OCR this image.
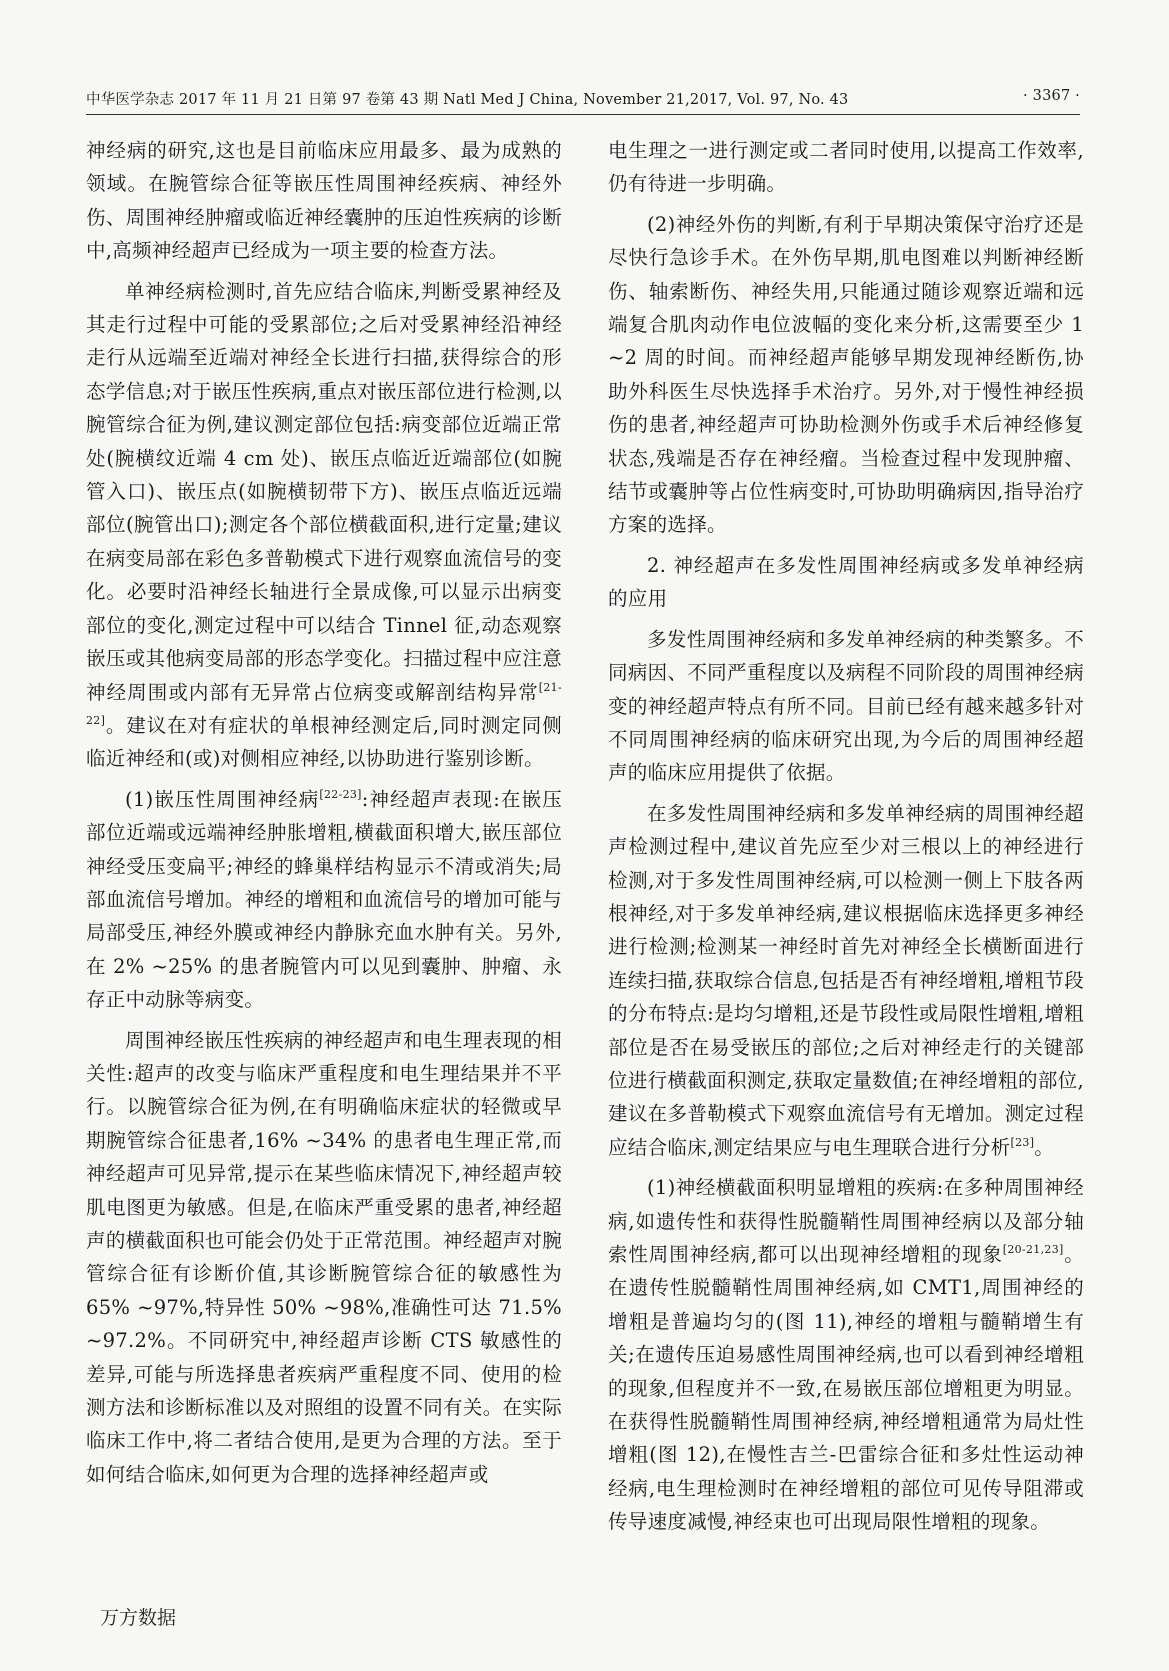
中华医学杂志 2017 年 11 月 21 日第 97 卷第 43 期 Natl Med J China, November 21,2017, Vol. 97, No. 43	· 3367 ·

神经病的研究,这也是目前临床应用最多、最为成熟的领域。在腕管综合征等嵌压性周围神经疾病、神经外伤、周围神经肿瘤或临近神经囊肿的压迫性疾病的诊断中,高频神经超声已经成为一项主要的检查方法。

单神经病检测时,首先应结合临床,判断受累神经及其走行过程中可能的受累部位;之后对受累神经沿神经走行从远端至近端对神经全长进行扫描,获得综合的形态学信息;对于嵌压性疾病,重点对嵌压部位进行检测,以腕管综合征为例,建议测定部位包括:病变部位近端正常处(腕横纹近端 4 cm 处)、嵌压点临近近端部位(如腕管入口)、嵌压点(如腕横韧带下方)、嵌压点临近远端部位(腕管出口);测定各个部位横截面积,进行定量;建议在病变局部在彩色多普勒模式下进行观察血流信号的变化。必要时沿神经长轴进行全景成像,可以显示出病变部位的变化,测定过程中可以结合 Tinnel 征,动态观察嵌压或其他病变局部的形态学变化。扫描过程中应注意神经周围或内部有无异常占位病变或解剖结构异常[21-22]。建议在对有症状的单根神经测定后,同时测定同侧临近神经和(或)对侧相应神经,以协助进行鉴别诊断。

(1)嵌压性周围神经病[22-23]:神经超声表现:在嵌压部位近端或远端神经肿胀增粗,横截面积增大,嵌压部位神经受压变扁平;神经的蜂巢样结构显示不清或消失;局部血流信号增加。神经的增粗和血流信号的增加可能与局部受压,神经外膜或神经内静脉充血水肿有关。另外,在 2% ~25% 的患者腕管内可以见到囊肿、肿瘤、永存正中动脉等病变。

周围神经嵌压性疾病的神经超声和电生理表现的相关性:超声的改变与临床严重程度和电生理结果并不平行。以腕管综合征为例,在有明确临床症状的轻微或早期腕管综合征患者,16% ~34% 的患者电生理正常,而神经超声可见异常,提示在某些临床情况下,神经超声较肌电图更为敏感。但是,在临床严重受累的患者,神经超声的横截面积也可能会仍处于正常范围。神经超声对腕管综合征有诊断价值,其诊断腕管综合征的敏感性为 65% ~97%,特异性 50% ~98%,准确性可达 71.5% ~97.2%。不同研究中,神经超声诊断 CTS 敏感性的差异,可能与所选择患者疾病严重程度不同、使用的检测方法和诊断标准以及对照组的设置不同有关。在实际临床工作中,将二者结合使用,是更为合理的方法。至于如何结合临床,如何更为合理的选择神经超声或

电生理之一进行测定或二者同时使用,以提高工作效率,仍有待进一步明确。

(2)神经外伤的判断,有利于早期决策保守治疗还是尽快行急诊手术。在外伤早期,肌电图难以判断神经断伤、轴索断伤、神经失用,只能通过随诊观察近端和远端复合肌肉动作电位波幅的变化来分析,这需要至少 1 ~2 周的时间。而神经超声能够早期发现神经断伤,协助外科医生尽快选择手术治疗。另外,对于慢性神经损伤的患者,神经超声可协助检测外伤或手术后神经修复状态,残端是否存在神经瘤。当检查过程中发现肿瘤、结节或囊肿等占位性病变时,可协助明确病因,指导治疗方案的选择。

2. 神经超声在多发性周围神经病或多发单神经病的应用

多发性周围神经病和多发单神经病的种类繁多。不同病因、不同严重程度以及病程不同阶段的周围神经病变的神经超声特点有所不同。目前已经有越来越多针对不同周围神经病的临床研究出现,为今后的周围神经超声的临床应用提供了依据。

在多发性周围神经病和多发单神经病的周围神经超声检测过程中,建议首先应至少对三根以上的神经进行检测,对于多发性周围神经病,可以检测一侧上下肢各两根神经,对于多发单神经病,建议根据临床选择更多神经进行检测;检测某一神经时首先对神经全长横断面进行连续扫描,获取综合信息,包括是否有神经增粗,增粗节段的分布特点:是均匀增粗,还是节段性或局限性增粗,增粗部位是否在易受嵌压的部位;之后对神经走行的关键部位进行横截面积测定,获取定量数值;在神经增粗的部位,建议在多普勒模式下观察血流信号有无增加。测定过程应结合临床,测定结果应与电生理联合进行分析[23]。

(1)神经横截面积明显增粗的疾病:在多种周围神经病,如遗传性和获得性脱髓鞘性周围神经病以及部分轴索性周围神经病,都可以出现神经增粗的现象[20-21,23]。在遗传性脱髓鞘性周围神经病,如 CMT1,周围神经的增粗是普遍均匀的(图 11),神经的增粗与髓鞘增生有关;在遗传压迫易感性周围神经病,也可以看到神经增粗的现象,但程度并不一致,在易嵌压部位增粗更为明显。在获得性脱髓鞘性周围神经病,神经增粗通常为局灶性增粗(图 12),在慢性吉兰-巴雷综合征和多灶性运动神经病,电生理检测时在神经增粗的部位可见传导阻滞或传导速度减慢,神经束也可出现局限性增粗的现象。

万方数据
